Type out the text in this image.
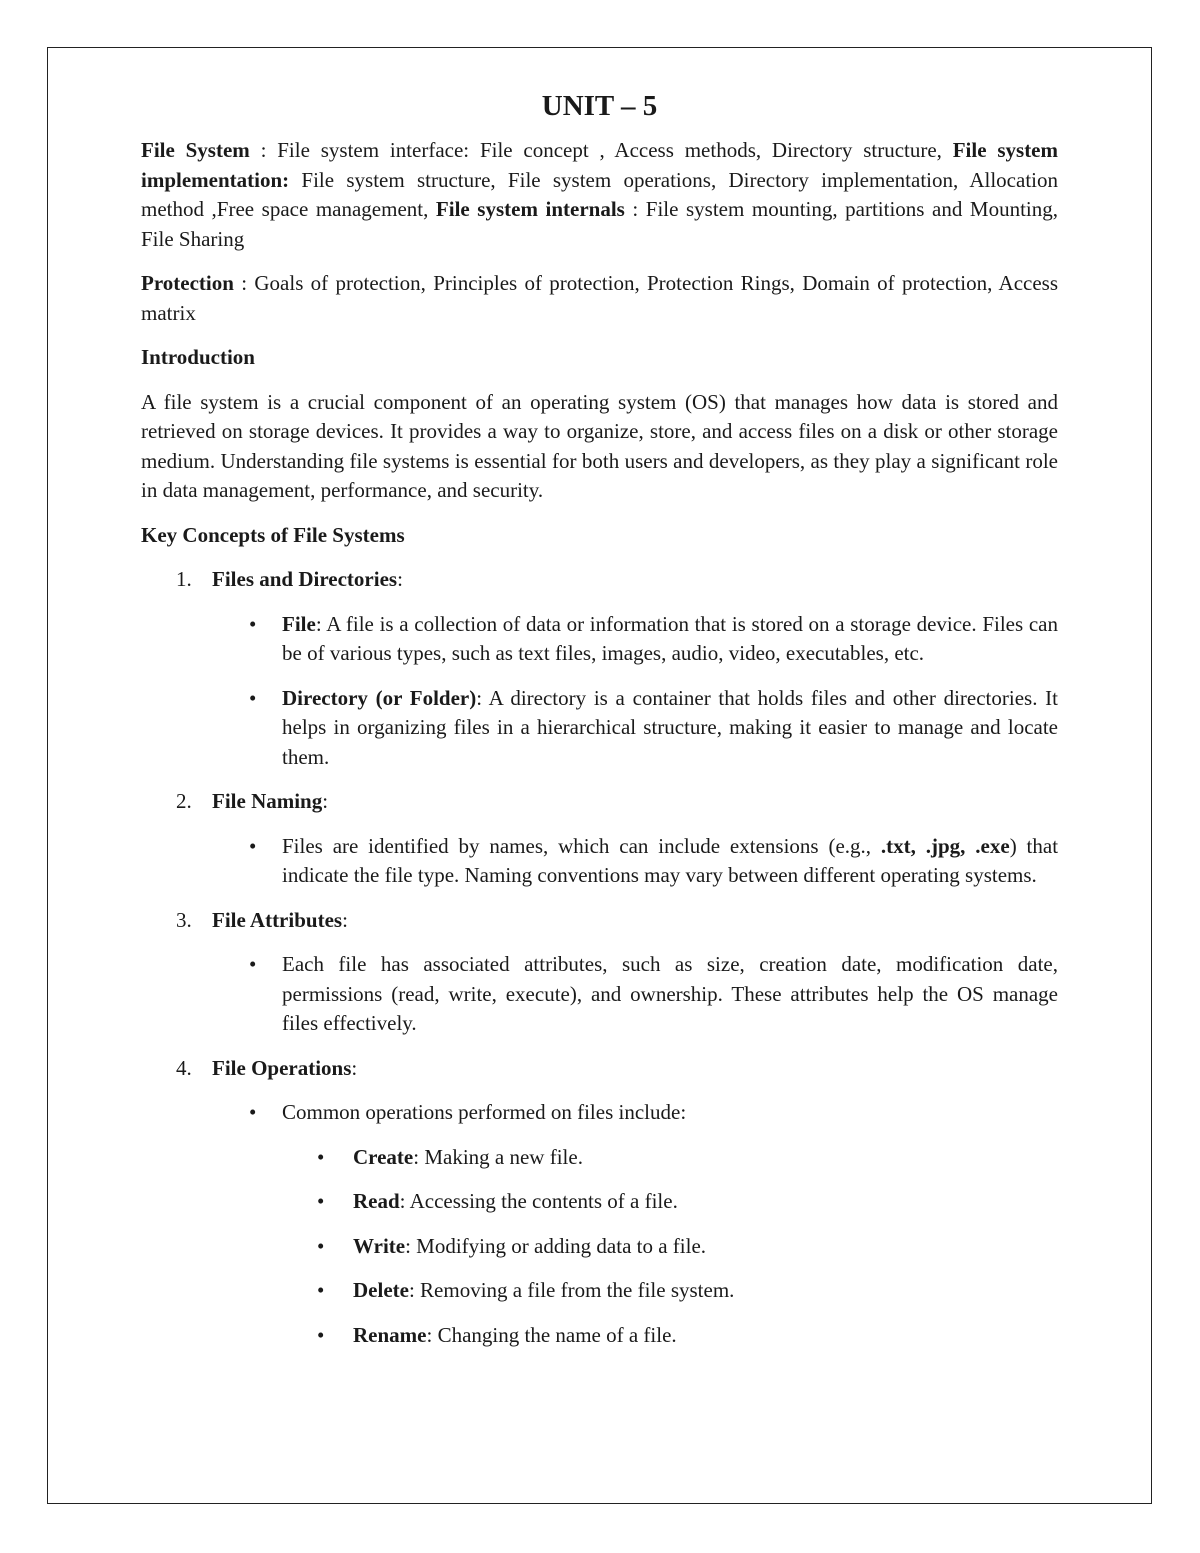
UNIT – 5

File System : File system interface: File concept , Access methods, Directory structure, File system implementation: File system structure, File system operations, Directory implementation, Allocation method ,Free space management, File system internals : File system mounting, partitions and Mounting, File Sharing

Protection : Goals of protection, Principles of protection, Protection Rings, Domain of protection, Access matrix

Introduction

A file system is a crucial component of an operating system (OS) that manages how data is stored and retrieved on storage devices. It provides a way to organize, store, and access files on a disk or other storage medium. Understanding file systems is essential for both users and developers, as they play a significant role in data management, performance, and security.

Key Concepts of File Systems

1. Files and Directories:
• File: A file is a collection of data or information that is stored on a storage device. Files can be of various types, such as text files, images, audio, video, executables, etc.
• Directory (or Folder): A directory is a container that holds files and other directories. It helps in organizing files in a hierarchical structure, making it easier to manage and locate them.
2. File Naming:
• Files are identified by names, which can include extensions (e.g., .txt, .jpg, .exe) that indicate the file type. Naming conventions may vary between different operating systems.
3. File Attributes:
• Each file has associated attributes, such as size, creation date, modification date, permissions (read, write, execute), and ownership. These attributes help the OS manage files effectively.
4. File Operations:
• Common operations performed on files include:
• Create: Making a new file.
• Read: Accessing the contents of a file.
• Write: Modifying or adding data to a file.
• Delete: Removing a file from the file system.
• Rename: Changing the name of a file.
